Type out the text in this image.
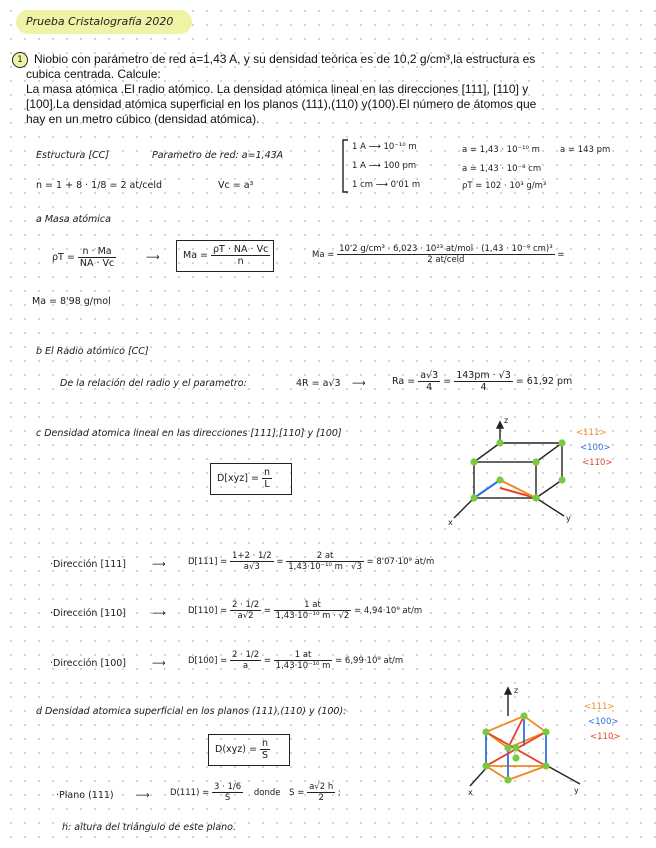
Prueba Cristalografía 2020
1 Niobio con parámetro de red a=1,43 A, y su densidad teórica es de 10,2 g/cm³,la estructura es
cubica centrada. Calcule:
La masa atómica .El radio atómico. La densidad atómica lineal en las direcciones [111], [110] y
[100].La densidad atómica superficial en los planos (111),(110) y(100).El número de átomos que
hay en un metro cúbico (densidad atómica).
Estructura [CC]	Parametro de red: a=1,43A
n = 1 + 8 · 1/8 = 2 at/celd	Vc = a³
1 A ⟶ 10⁻¹⁰ m
1 A ⟶ 100 pm
1 cm ⟶ 0'01 m
a = 1,43 · 10⁻¹⁰ m a = 143 pm
a = 1,43 · 10⁻⁸ cm
ρT = 102 · 10³ g/m³
a Masa atómica
$\rho T = \frac{n \cdot Ma}{NA \cdot Vc}$	⟶ $Ma = \frac{\rho T \cdot NA \cdot Vc}{n}$	$Ma = \frac{\text{10'2 g/cm³ · 6,023 · 10²³ at/mol · (1,43 · 10⁻⁸ cm)³}}{\text{2 at/celd}}$ =
Ma = 8'98 g/mol
b El Radio atómico [CC]
De la relación del radio y el parametro:	4R = a√3 ⟶	$Ra = \frac{a√3}{4} = \frac{143pm \cdot √3}{4} = 61,92$ pm
c Densidad atomica lineal en las direcciones [111],[110] y [100]
$D[xyz] = \frac{n}{L}$
·Dirección [111]	⟶	$D[111] = \frac{1+2 \cdot 1/2}{a√3} = \frac{2 at}{\text{1,43·10⁻¹⁰ m · √3}} = 8'07\cdot 10^9$ at/m
·Dirección [110]	⟶	$D[110] = \frac{2 \cdot 1/2}{a√2} = \frac{1 at}{\text{1,43·10⁻¹⁰ m · √2}} = 4,94\cdot 10^9$ at/m
·Dirección [100]	⟶	$D[100] = \frac{2 \cdot 1/2}{a} = \frac{1 at}{\text{1,43·10⁻¹⁰ m}} = 6,99\cdot 10^9$ at/m
d Densidad atomica superficial en los planos (111),(110) y (100):
$D(xyz) = \frac{n}{S}$
·Plano (111) ⟶ $D(111) = \frac{3 \cdot 1/6}{S}$ donde $S = \frac{a√2 h}{2}$ ;
h: altura del triángulo de este plano.
z
x	y
<111>
<100>
<110>
z
x	y
<111>
<100>
<110>
